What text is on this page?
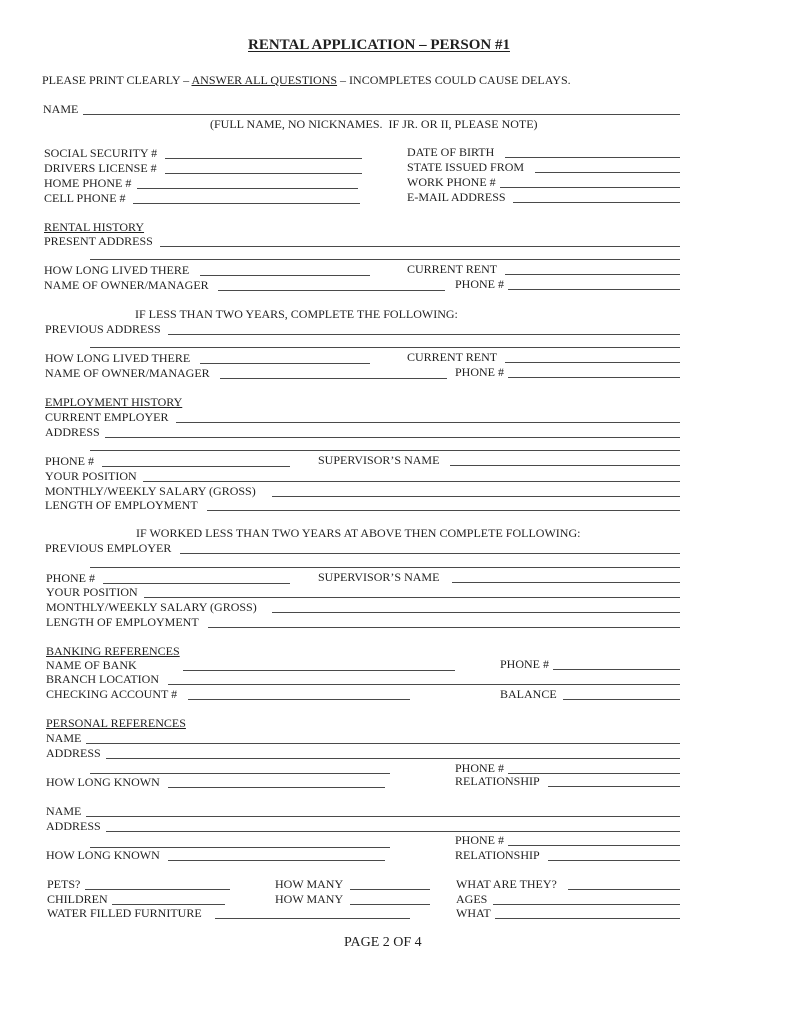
RENTAL APPLICATION – PERSON #1
PLEASE PRINT CLEARLY – ANSWER ALL QUESTIONS – INCOMPLETES COULD CAUSE DELAYS.
NAME
(FULL NAME, NO NICKNAMES.  IF JR. OR II, PLEASE NOTE)
SOCIAL SECURITY #	DATE OF BIRTH
DRIVERS LICENSE #	STATE ISSUED FROM
HOME PHONE #	WORK PHONE #
CELL PHONE #	E-MAIL ADDRESS
RENTAL HISTORY
PRESENT ADDRESS
HOW LONG LIVED THERE	CURRENT RENT
NAME OF OWNER/MANAGER	PHONE #
IF LESS THAN TWO YEARS, COMPLETE THE FOLLOWING:
PREVIOUS ADDRESS
HOW LONG LIVED THERE	CURRENT RENT
NAME OF OWNER/MANAGER	PHONE #
EMPLOYMENT HISTORY
CURRENT EMPLOYER
ADDRESS
PHONE #	SUPERVISOR’S NAME
YOUR POSITION
MONTHLY/WEEKLY SALARY (GROSS)
LENGTH OF EMPLOYMENT
IF WORKED LESS THAN TWO YEARS AT ABOVE THEN COMPLETE FOLLOWING:
PREVIOUS EMPLOYER
PHONE #	SUPERVISOR’S NAME
YOUR POSITION
MONTHLY/WEEKLY SALARY (GROSS)
LENGTH OF EMPLOYMENT
BANKING REFERENCES
NAME OF BANK	PHONE #
BRANCH LOCATION
CHECKING ACCOUNT #	BALANCE
PERSONAL REFERENCES
NAME
ADDRESS
PHONE #
HOW LONG KNOWN	RELATIONSHIP
NAME
ADDRESS
PHONE #
HOW LONG KNOWN	RELATIONSHIP
PETS?	HOW MANY	WHAT ARE THEY?
CHILDREN	HOW MANY	AGES
WATER FILLED FURNITURE	WHAT
PAGE 2 OF 4
